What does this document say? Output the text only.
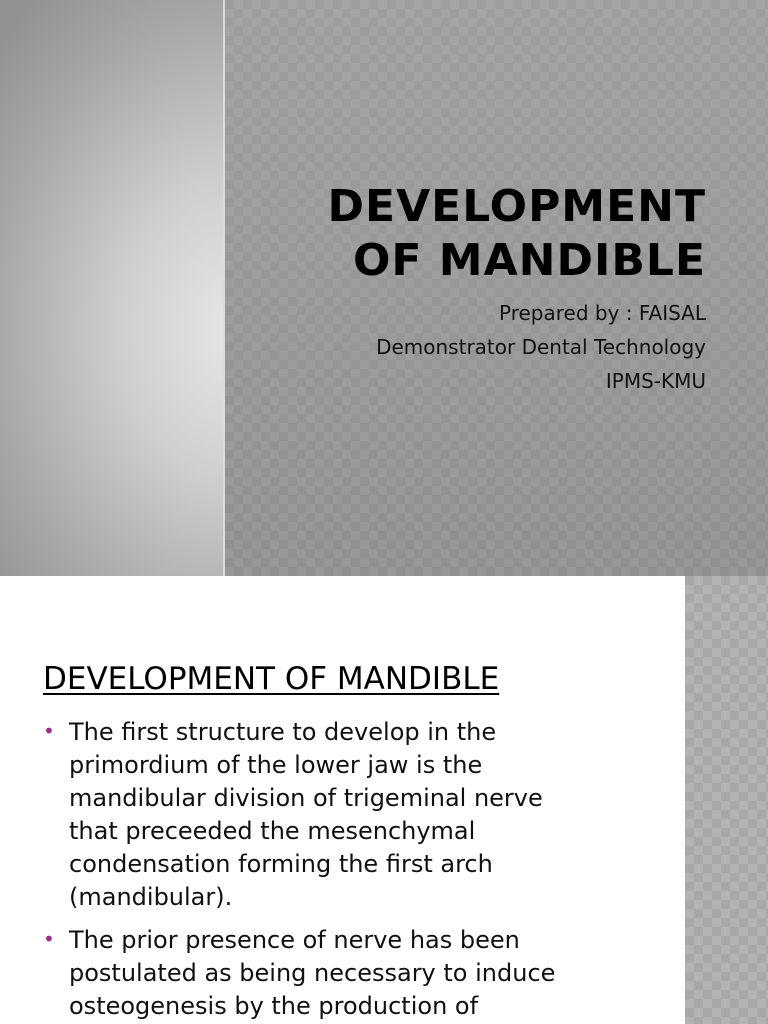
DEVELOPMENT
OF MANDIBLE
Prepared by : FAISAL
Demonstrator Dental Technology
IPMS-KMU
DEVELOPMENT OF MANDIBLE
• The first structure to develop in the
primordium of the lower jaw is the
mandibular division of trigeminal nerve
that preceeded the mesenchymal
condensation forming the first arch
(mandibular).
• The prior presence of nerve has been
postulated as being necessary to induce
osteogenesis by the production of
